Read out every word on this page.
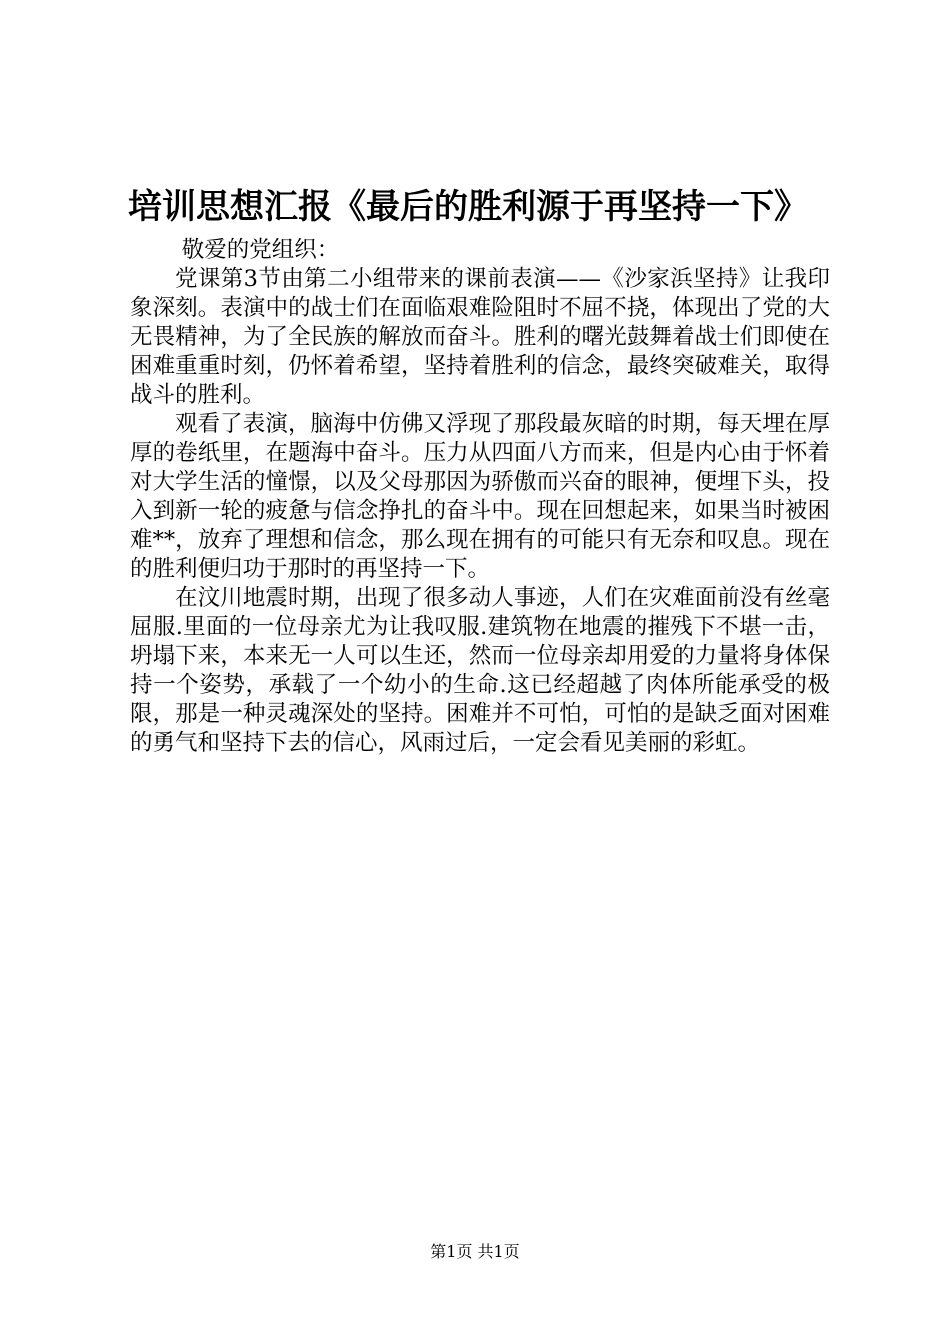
培训思想汇报《最后的胜利源于再坚持一下》

敬爱的党组织：

党课第3节由第二小组带来的课前表演——《沙家浜坚持》让我印象深刻。表演中的战士们在面临艰难险阻时不屈不挠，体现出了党的大无畏精神，为了全民族的解放而奋斗。胜利的曙光鼓舞着战士们即使在困难重重时刻，仍怀着希望，坚持着胜利的信念，最终突破难关，取得战斗的胜利。

观看了表演，脑海中仿佛又浮现了那段最灰暗的时期，每天埋在厚厚的卷纸里，在题海中奋斗。压力从四面八方而来，但是内心由于怀着对大学生活的憧憬，以及父母那因为骄傲而兴奋的眼神，便埋下头，投入到新一轮的疲惫与信念挣扎的奋斗中。现在回想起来，如果当时被困难**，放弃了理想和信念，那么现在拥有的可能只有无奈和叹息。现在的胜利便归功于那时的再坚持一下。

在汶川地震时期，出现了很多动人事迹，人们在灾难面前没有丝毫屈服.里面的一位母亲尤为让我叹服.建筑物在地震的摧残下不堪一击，坍塌下来，本来无一人可以生还，然而一位母亲却用爱的力量将身体保持一个姿势，承载了一个幼小的生命.这已经超越了肉体所能承受的极限，那是一种灵魂深处的坚持。困难并不可怕，可怕的是缺乏面对困难的勇气和坚持下去的信心，风雨过后，一定会看见美丽的彩虹。

第1页 共1页
